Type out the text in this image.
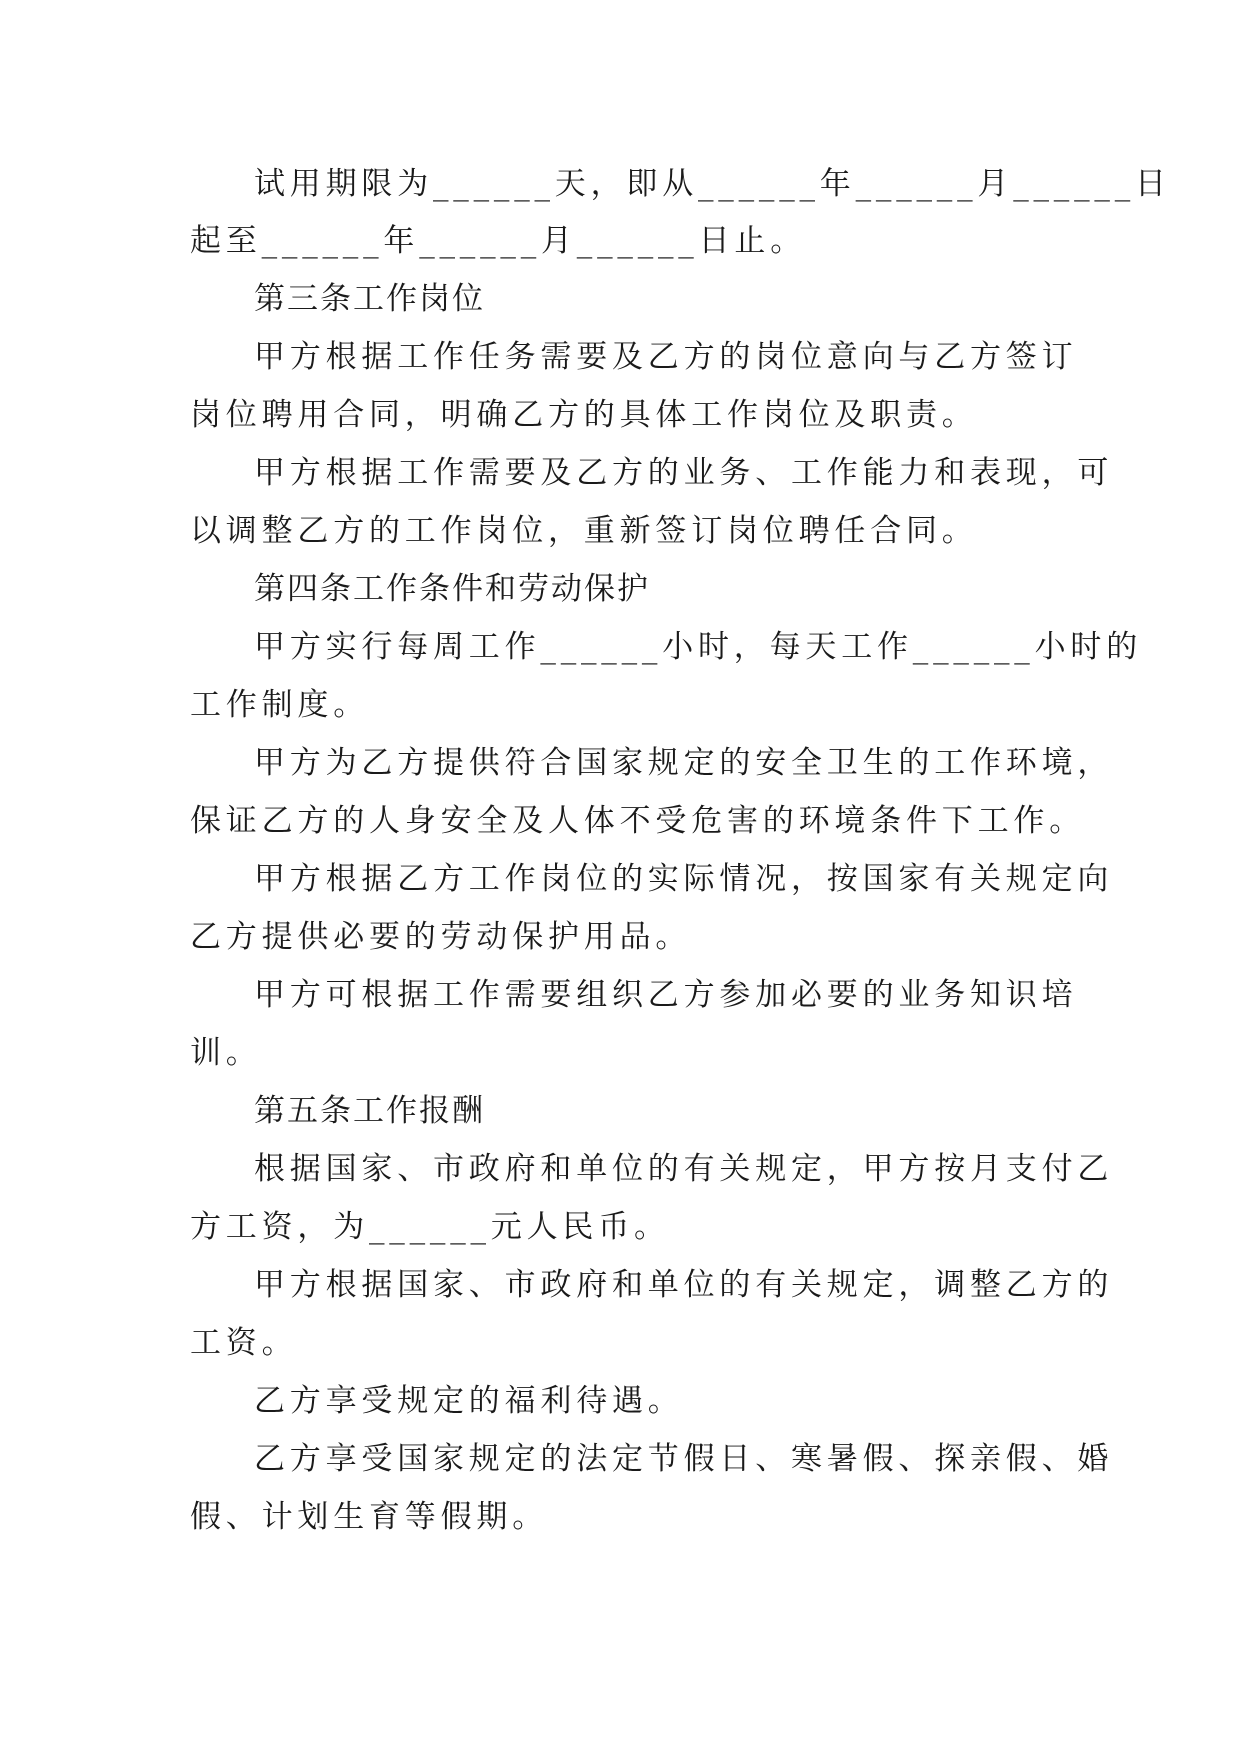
试用期限为______天，即从______年______月______日
起至______年______月______日止。
第三条工作岗位
甲方根据工作任务需要及乙方的岗位意向与乙方签订
岗位聘用合同，明确乙方的具体工作岗位及职责。
甲方根据工作需要及乙方的业务、工作能力和表现，可
以调整乙方的工作岗位，重新签订岗位聘任合同。
第四条工作条件和劳动保护
甲方实行每周工作______小时，每天工作______小时的
工作制度。
甲方为乙方提供符合国家规定的安全卫生的工作环境，
保证乙方的人身安全及人体不受危害的环境条件下工作。
甲方根据乙方工作岗位的实际情况，按国家有关规定向
乙方提供必要的劳动保护用品。
甲方可根据工作需要组织乙方参加必要的业务知识培
训。
第五条工作报酬
根据国家、市政府和单位的有关规定，甲方按月支付乙
方工资，为______元人民币。
甲方根据国家、市政府和单位的有关规定，调整乙方的
工资。
乙方享受规定的福利待遇。
乙方享受国家规定的法定节假日、寒暑假、探亲假、婚
假、计划生育等假期。
